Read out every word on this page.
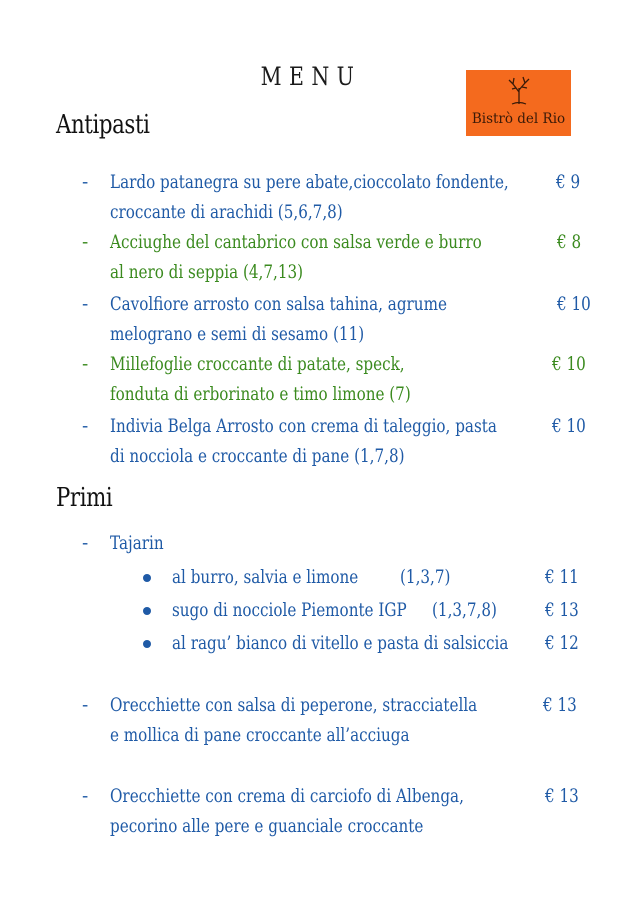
MENU
Bistrò del Rio
Antipasti
- Lardo patanegra su pere abate,cioccolato fondente,
croccante di arachidi (5,6,7,8)
€ 9
- Acciughe del cantabrico con salsa verde e burro
al nero di seppia (4,7,13)
€ 8
- Cavolfiore arrosto con salsa tahina, agrume
melograno e semi di sesamo (11)
€ 10
- Millefoglie croccante di patate, speck,
fonduta di erborinato e timo limone (7)
€ 10
- Indivia Belga Arrosto con crema di taleggio, pasta
di nocciola e croccante di pane (1,7,8)
€ 10
Primi
- Tajarin
al burro, salvia e limone (1,3,7)	€ 11
sugo di nocciole Piemonte IGP (1,3,7,8)	€ 13
al ragu’ bianco di vitello e pasta di salsiccia € 12
- Orecchiette con salsa di peperone, stracciatella
e mollica di pane croccante all’acciuga
€ 13
- Orecchiette con crema di carciofo di Albenga,
pecorino alle pere e guanciale croccante
€ 13
